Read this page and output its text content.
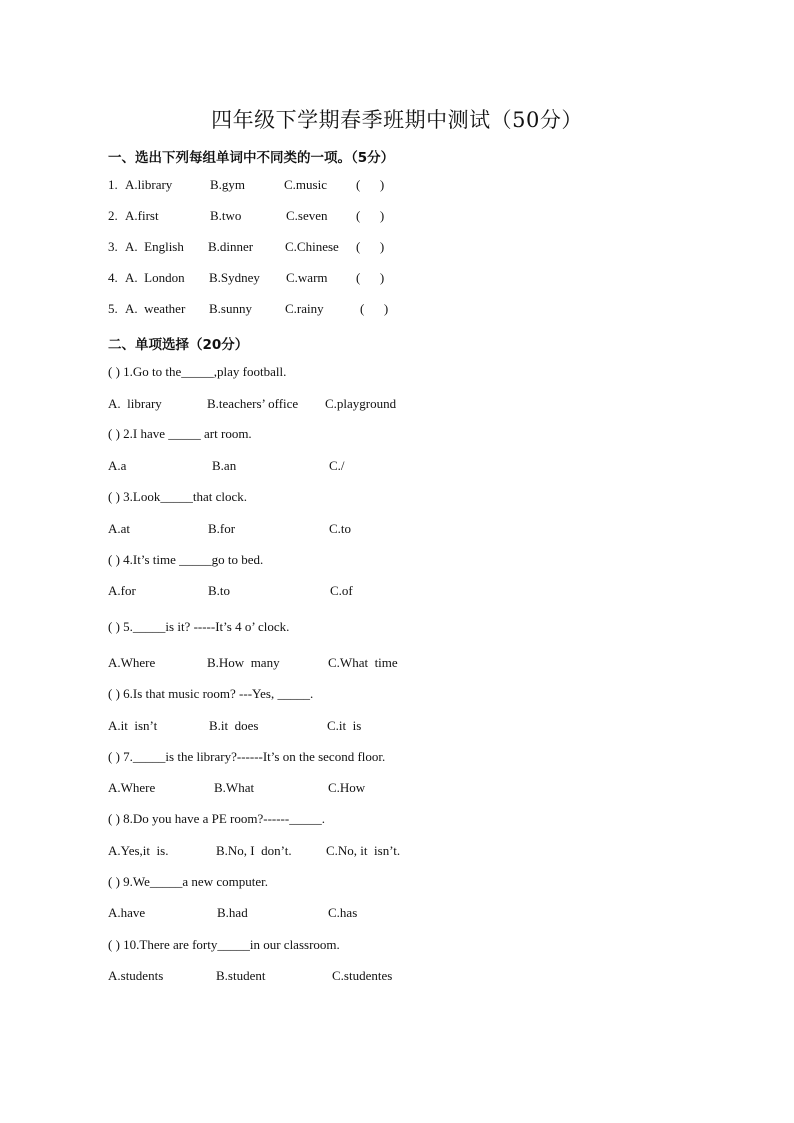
四年级下学期春季班期中测试（50分）
一、选出下列每组单词中不同类的一项。（5分）
1. A.library	B.gym	C.music (      )
2. A.first	B.two	C.seven (      )
3. A.  English B.dinner C.Chinese (      )
4. A.  London B.Sydney C.warm (      )
5. A.  weather B.sunny	C.rainy	(      )
二、单项选择（20分）
( ) 1.Go to the_____,play football.
A.  library	B.teachers’ office C.playground
( ) 2.I have _____ art room.
A.a	B.an	C./
( ) 3.Look_____that clock.
A.at	B.for	C.to
( ) 4.It’s time _____go to bed.
A.for	B.to	C.of
( ) 5._____is it? -----It’s 4 o’ clock.
A.Where	B.How  many	C.What  time
( ) 6.Is that music room? ---Yes, _____.
A.it  isn’t	B.it  does	C.it  is
( ) 7._____is the library?------It’s on the second floor.
A.Where	B.What	C.How
( ) 8.Do you have a PE room?------_____.
A.Yes,it  is.	B.No, I  don’t.	C.No, it  isn’t.
( ) 9.We_____a new computer.
A.have	B.had	C.has
( ) 10.There are forty_____in our classroom.
A.students	B.student	C.studentes
